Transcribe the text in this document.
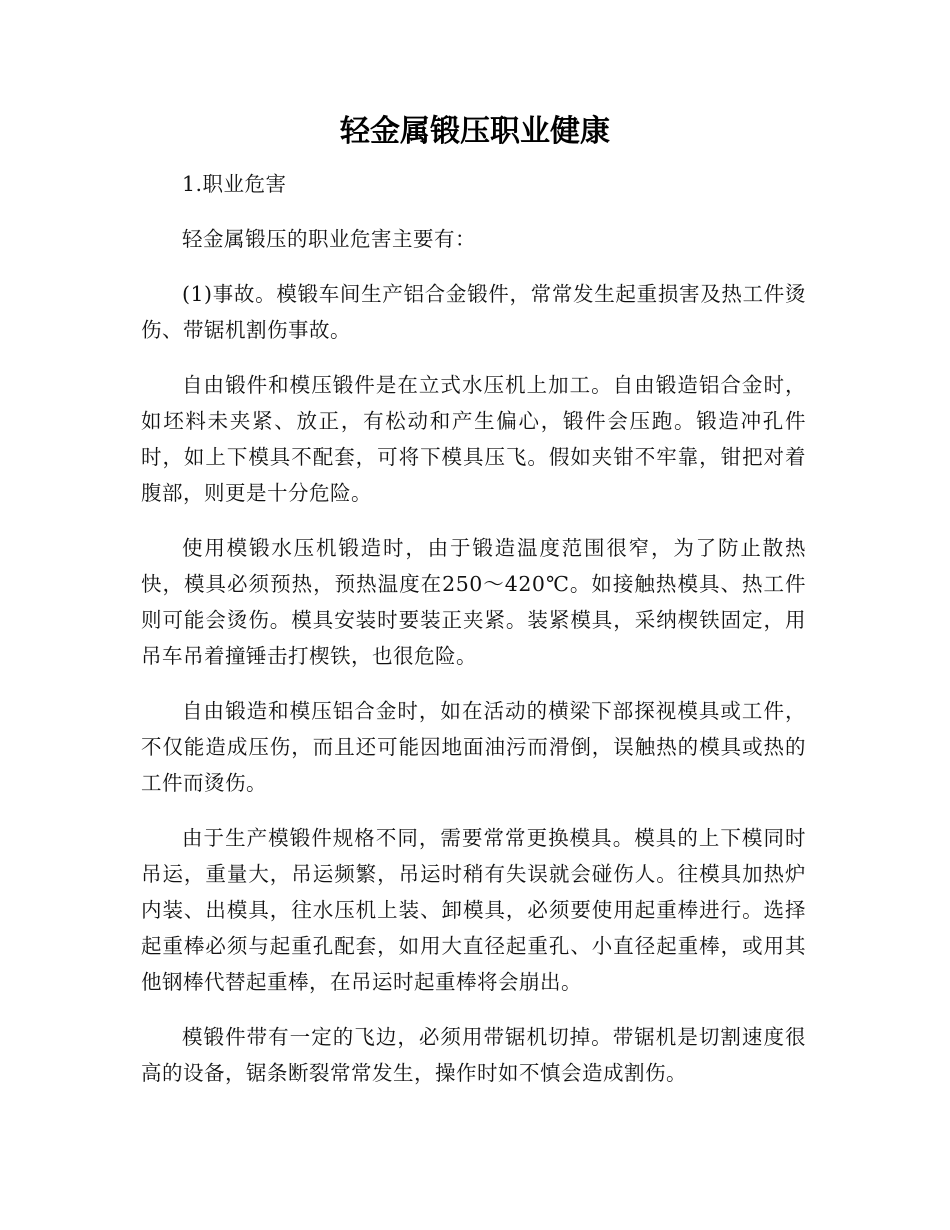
轻金属锻压职业健康

1.职业危害

轻金属锻压的职业危害主要有：

(1)事故。模锻车间生产铝合金锻件，常常发生起重损害及热工件烫伤、带锯机割伤事故。

自由锻件和模压锻件是在立式水压机上加工。自由锻造铝合金时，如坯料未夹紧、放正，有松动和产生偏心，锻件会压跑。锻造冲孔件时，如上下模具不配套，可将下模具压飞。假如夹钳不牢靠，钳把对着腹部，则更是十分危险。

使用模锻水压机锻造时，由于锻造温度范围很窄，为了防止散热快，模具必须预热，预热温度在250～420℃。如接触热模具、热工件则可能会烫伤。模具安装时要装正夹紧。装紧模具，采纳楔铁固定，用吊车吊着撞锤击打楔铁，也很危险。

自由锻造和模压铝合金时，如在活动的横梁下部探视模具或工件，不仅能造成压伤，而且还可能因地面油污而滑倒，误触热的模具或热的工件而烫伤。

由于生产模锻件规格不同，需要常常更换模具。模具的上下模同时吊运，重量大，吊运频繁，吊运时稍有失误就会碰伤人。往模具加热炉内装、出模具，往水压机上装、卸模具，必须要使用起重棒进行。选择起重棒必须与起重孔配套，如用大直径起重孔、小直径起重棒，或用其他钢棒代替起重棒，在吊运时起重棒将会崩出。

模锻件带有一定的飞边，必须用带锯机切掉。带锯机是切割速度很高的设备，锯条断裂常常发生，操作时如不慎会造成割伤。
